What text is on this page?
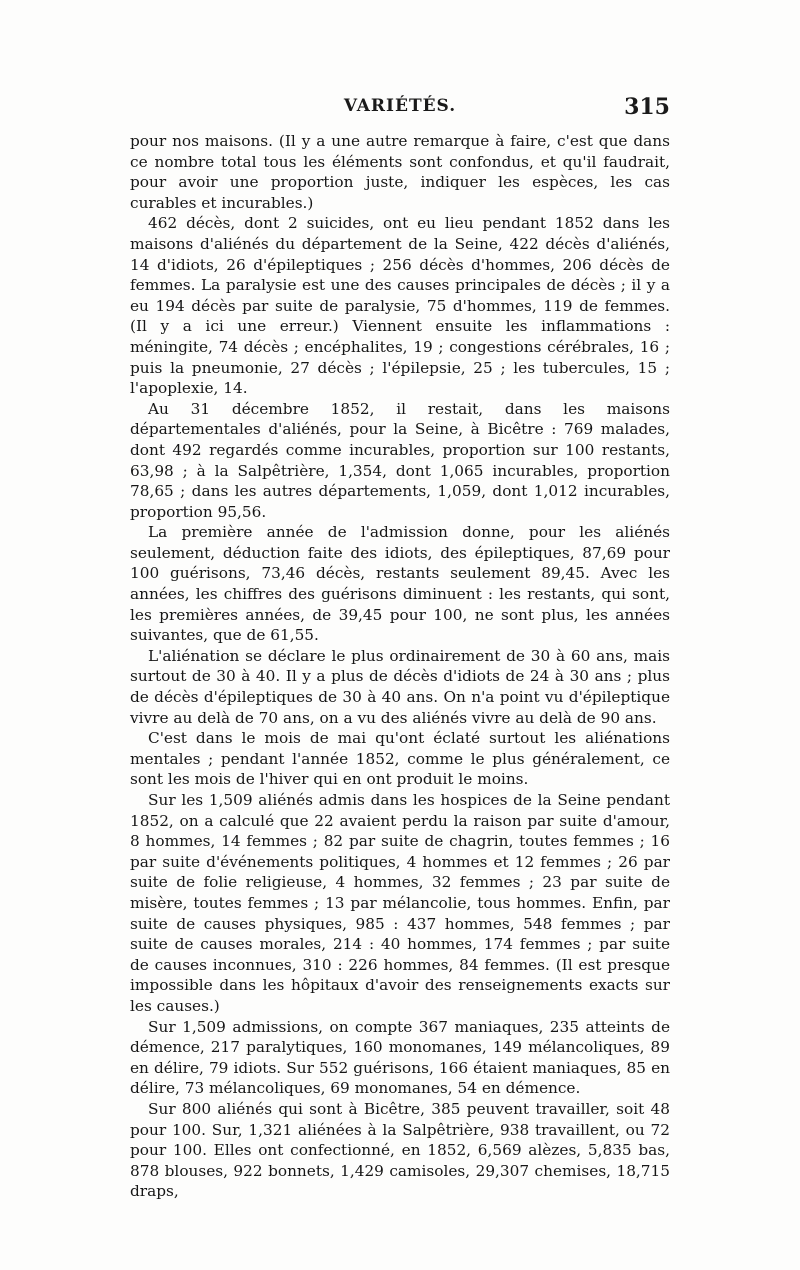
VARIÉTÉS.	315

pour nos maisons. (Il y a une autre remarque à faire, c'est que dans ce nombre total tous les éléments sont confondus, et qu'il faudrait, pour avoir une proportion juste, indiquer les espèces, les cas curables et incurables.)

462 décès, dont 2 suicides, ont eu lieu pendant 1852 dans les maisons d'aliénés du département de la Seine, 422 décès d'aliénés, 14 d'idiots, 26 d'épileptiques ; 256 décès d'hommes, 206 décès de femmes. La paralysie est une des causes principales de décès ; il y a eu 194 décès par suite de paralysie, 75 d'hommes, 119 de femmes. (Il y a ici une erreur.) Viennent ensuite les inflammations : méningite, 74 décès ; encéphalites, 19 ; congestions cérébrales, 16 ; puis la pneumonie, 27 décès ; l'épilepsie, 25 ; les tubercules, 15 ; l'apoplexie, 14.

Au 31 décembre 1852, il restait, dans les maisons départementales d'aliénés, pour la Seine, à Bicêtre : 769 malades, dont 492 regardés comme incurables, proportion sur 100 restants, 63,98 ; à la Salpêtrière, 1,354, dont 1,065 incurables, proportion 78,65 ; dans les autres départements, 1,059, dont 1,012 incurables, proportion 95,56.

La première année de l'admission donne, pour les aliénés seulement, déduction faite des idiots, des épileptiques, 87,69 pour 100 guérisons, 73,46 décès, restants seulement 89,45. Avec les années, les chiffres des guérisons diminuent : les restants, qui sont, les premières années, de 39,45 pour 100, ne sont plus, les années suivantes, que de 61,55.

L'aliénation se déclare le plus ordinairement de 30 à 60 ans, mais surtout de 30 à 40. Il y a plus de décès d'idiots de 24 à 30 ans ; plus de décès d'épileptiques de 30 à 40 ans. On n'a point vu d'épileptique vivre au delà de 70 ans, on a vu des aliénés vivre au delà de 90 ans.

C'est dans le mois de mai qu'ont éclaté surtout les aliénations mentales ; pendant l'année 1852, comme le plus généralement, ce sont les mois de l'hiver qui en ont produit le moins.

Sur les 1,509 aliénés admis dans les hospices de la Seine pendant 1852, on a calculé que 22 avaient perdu la raison par suite d'amour, 8 hommes, 14 femmes ; 82 par suite de chagrin, toutes femmes ; 16 par suite d'événements politiques, 4 hommes et 12 femmes ; 26 par suite de folie religieuse, 4 hommes, 32 femmes ; 23 par suite de misère, toutes femmes ; 13 par mélancolie, tous hommes. Enfin, par suite de causes physiques, 985 : 437 hommes, 548 femmes ; par suite de causes morales, 214 : 40 hommes, 174 femmes ; par suite de causes inconnues, 310 : 226 hommes, 84 femmes. (Il est presque impossible dans les hôpitaux d'avoir des renseignements exacts sur les causes.)

Sur 1,509 admissions, on compte 367 maniaques, 235 atteints de démence, 217 paralytiques, 160 monomanes, 149 mélancoliques, 89 en délire, 79 idiots. Sur 552 guérisons, 166 étaient maniaques, 85 en délire, 73 mélancoliques, 69 monomanes, 54 en démence.

Sur 800 aliénés qui sont à Bicêtre, 385 peuvent travailler, soit 48 pour 100. Sur, 1,321 aliénées à la Salpêtrière, 938 travaillent, ou 72 pour 100. Elles ont confectionné, en 1852, 6,569 alèzes, 5,835 bas, 878 blouses, 922 bonnets, 1,429 camisoles, 29,307 chemises, 18,715 draps,
